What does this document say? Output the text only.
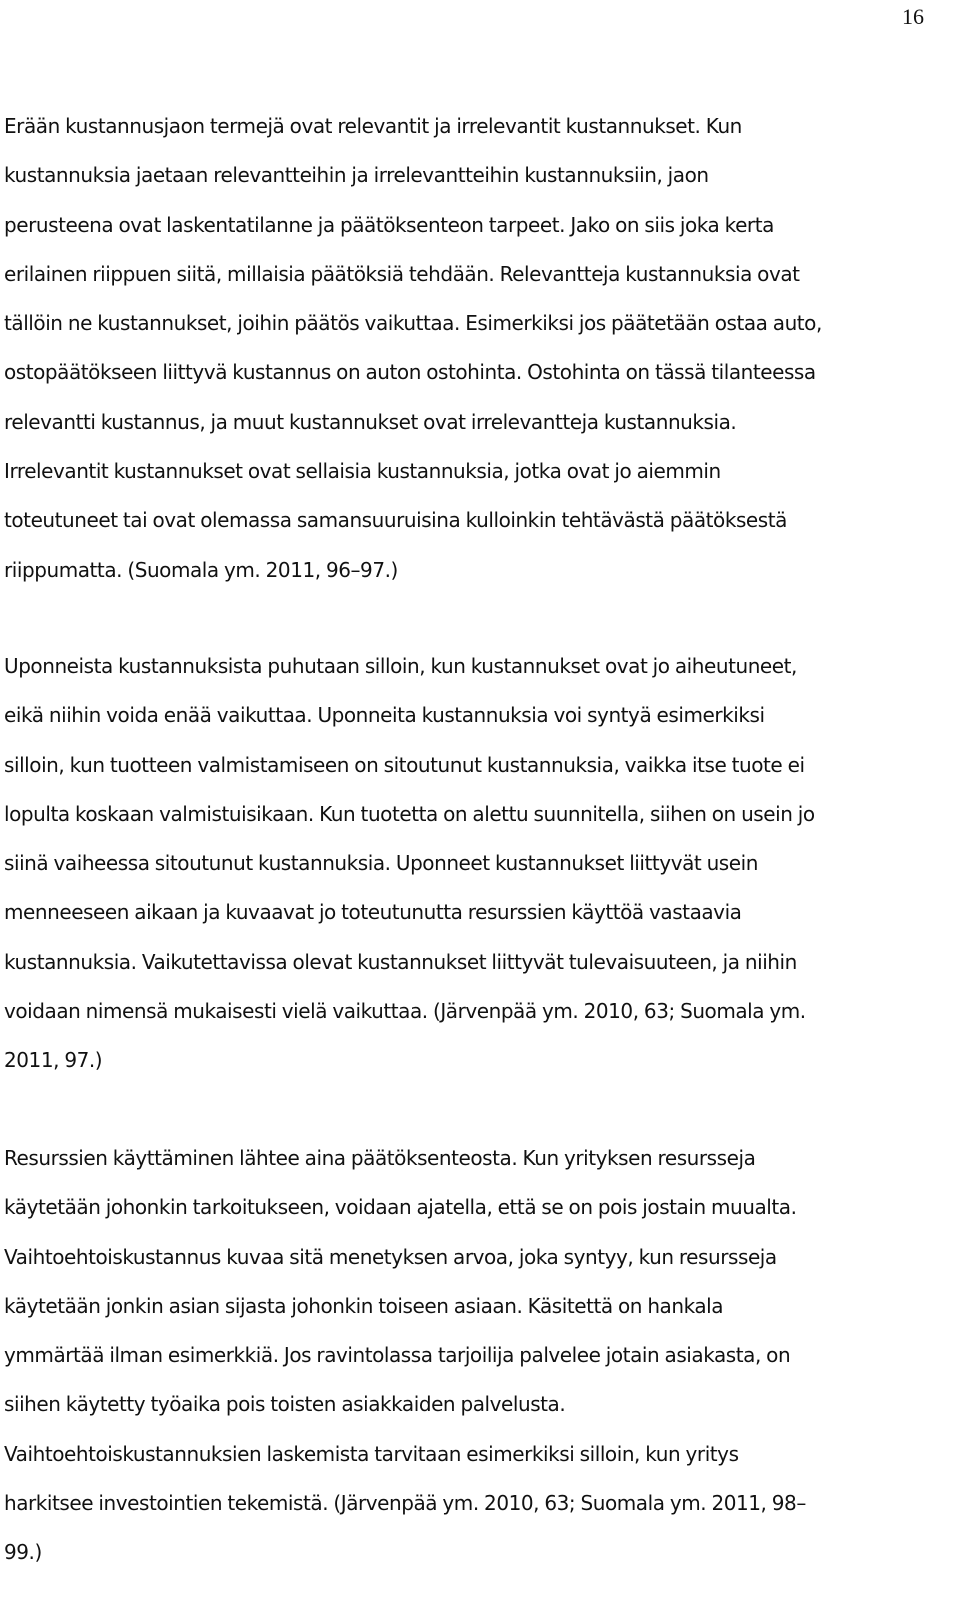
16
Erään kustannusjaon termejä ovat relevantit ja irrelevantit kustannukset. Kun
kustannuksia jaetaan relevantteihin ja irrelevantteihin kustannuksiin, jaon
perusteena ovat laskentatilanne ja päätöksenteon tarpeet. Jako on siis joka kerta
erilainen riippuen siitä, millaisia päätöksiä tehdään. Relevantteja kustannuksia ovat
tällöin ne kustannukset, joihin päätös vaikuttaa. Esimerkiksi jos päätetään ostaa auto,
ostopäätökseen liittyvä kustannus on auton ostohinta. Ostohinta on tässä tilanteessa
relevantti kustannus, ja muut kustannukset ovat irrelevantteja kustannuksia.
Irrelevantit kustannukset ovat sellaisia kustannuksia, jotka ovat jo aiemmin
toteutuneet tai ovat olemassa samansuuruisina kulloinkin tehtävästä päätöksestä
riippumatta. (Suomala ym. 2011, 96–97.)
Uponneista kustannuksista puhutaan silloin, kun kustannukset ovat jo aiheutuneet,
eikä niihin voida enää vaikuttaa. Uponneita kustannuksia voi syntyä esimerkiksi
silloin, kun tuotteen valmistamiseen on sitoutunut kustannuksia, vaikka itse tuote ei
lopulta koskaan valmistuisikaan. Kun tuotetta on alettu suunnitella, siihen on usein jo
siinä vaiheessa sitoutunut kustannuksia. Uponneet kustannukset liittyvät usein
menneeseen aikaan ja kuvaavat jo toteutunutta resurssien käyttöä vastaavia
kustannuksia. Vaikutettavissa olevat kustannukset liittyvät tulevaisuuteen, ja niihin
voidaan nimensä mukaisesti vielä vaikuttaa. (Järvenpää ym. 2010, 63; Suomala ym.
2011, 97.)
Resurssien käyttäminen lähtee aina päätöksenteosta. Kun yrityksen resursseja
käytetään johonkin tarkoitukseen, voidaan ajatella, että se on pois jostain muualta.
Vaihtoehtoiskustannus kuvaa sitä menetyksen arvoa, joka syntyy, kun resursseja
käytetään jonkin asian sijasta johonkin toiseen asiaan. Käsitettä on hankala
ymmärtää ilman esimerkkiä. Jos ravintolassa tarjoilija palvelee jotain asiakasta, on
siihen käytetty työaika pois toisten asiakkaiden palvelusta.
Vaihtoehtoiskustannuksien laskemista tarvitaan esimerkiksi silloin, kun yritys
harkitsee investointien tekemistä. (Järvenpää ym. 2010, 63; Suomala ym. 2011, 98–
99.)
